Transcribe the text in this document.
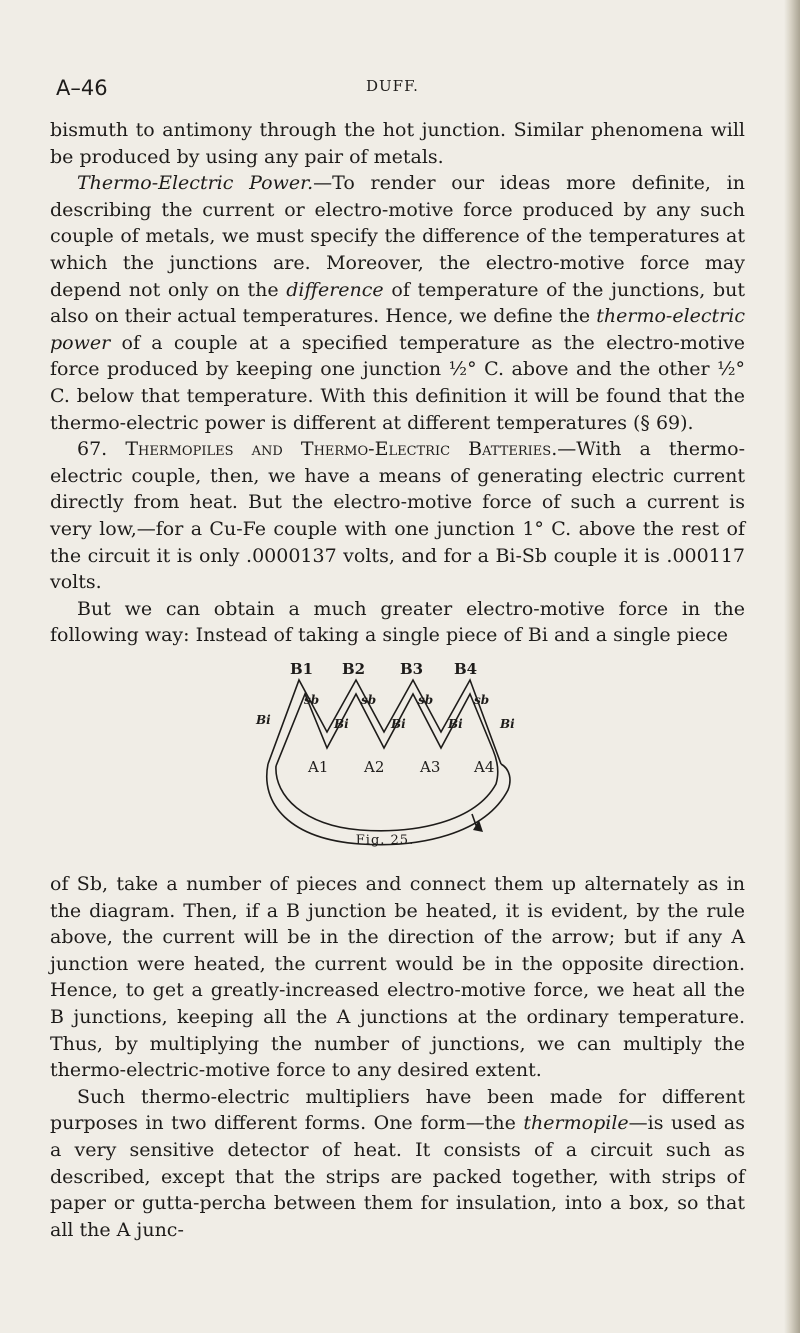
A–46	DUFF.

bismuth to antimony through the hot junction. Similar phenomena will be produced by using any pair of metals.

Thermo-Electric Power.—To render our ideas more definite, in describing the current or electro-motive force produced by any such couple of metals, we must specify the difference of the temperatures at which the junctions are. Moreover, the electro-motive force may depend not only on the difference of temperature of the junctions, but also on their actual temperatures. Hence, we define the thermo-electric power of a couple at a specified temperature as the electro-motive force produced by keeping one junction ½° C. above and the other ½° C. below that temperature. With this definition it will be found that the thermo-electric power is different at different temperatures (§ 69).

67. Thermopiles and Thermo-Electric Batteries.—With a thermo-electric couple, then, we have a means of generating electric current directly from heat. But the electro-motive force of such a current is very low,—for a Cu-Fe couple with one junction 1° C. above the rest of the circuit it is only .0000137 volts, and for a Bi-Sb couple it is .000117 volts.

But we can obtain a much greater electro-motive force in the following way: Instead of taking a single piece of Bi and a single piece

B1 B2 B3 B4
A1 A2 A3 A4
sb	sb	sb	sb
Bi	Bi	Bi	Bi	Bi
Fig. 25.

of Sb, take a number of pieces and connect them up alternately as in the diagram. Then, if a B junction be heated, it is evident, by the rule above, the current will be in the direction of the arrow; but if any A junction were heated, the current would be in the opposite direction. Hence, to get a greatly-increased electro-motive force, we heat all the B junctions, keeping all the A junctions at the ordinary temperature. Thus, by multiplying the number of junctions, we can multiply the thermo-electric-motive force to any desired extent.

Such thermo-electric multipliers have been made for different purposes in two different forms. One form—the thermopile—is used as a very sensitive detector of heat. It consists of a circuit such as described, except that the strips are packed together, with strips of paper or gutta-percha between them for insulation, into a box, so that all the A junc-
